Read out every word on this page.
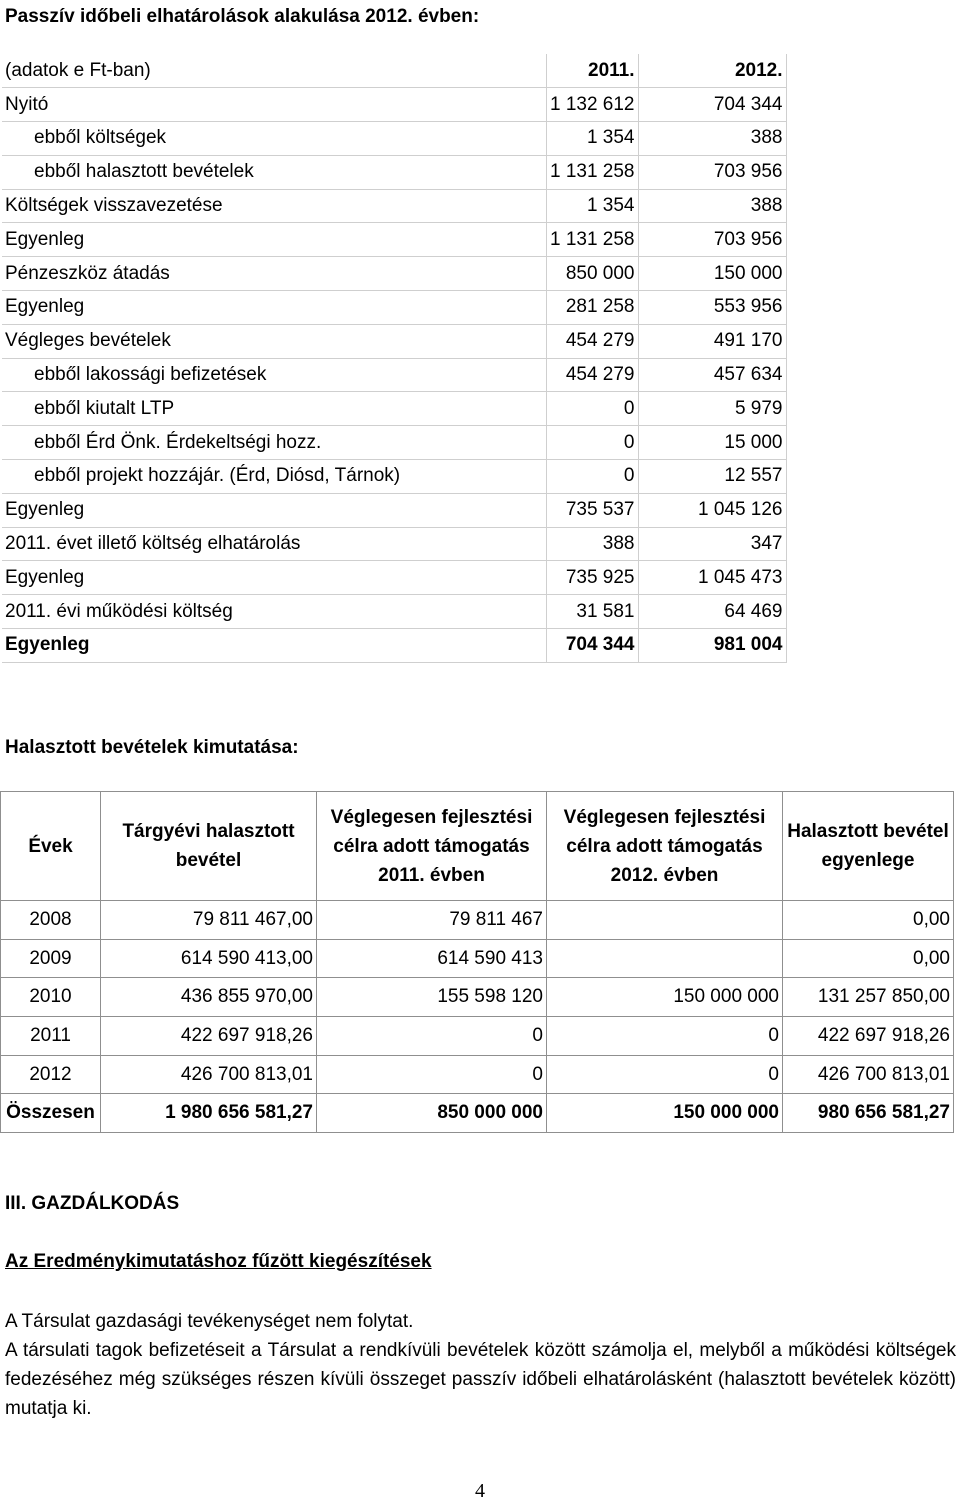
Passzív időbeli elhatárolások alakulása 2012. évben:
(adatok e Ft-ban)	2011.	2012.
Nyitó	1 132 612	704 344
ebből költségek	1 354	388
ebből halasztott bevételek	1 131 258	703 956
Költségek visszavezetése	1 354	388
Egyenleg	1 131 258	703 956
Pénzeszköz átadás	850 000	150 000
Egyenleg	281 258	553 956
Végleges bevételek	454 279	491 170
ebből lakossági befizetések	454 279	457 634
ebből kiutalt LTP	0	5 979
ebből Érd Önk. Érdekeltségi hozz.	0	15 000
ebből projekt hozzájár. (Érd, Diósd, Tárnok)	0	12 557
Egyenleg	735 537	1 045 126
2011. évet illető költség elhatárolás	388	347
Egyenleg	735 925	1 045 473
2011. évi működési költség	31 581	64 469
Egyenleg	704 344	981 004
Halasztott bevételek kimutatása:
Évek	Tárgyévi halasztott bevétel	Véglegesen fejlesztési célra adott támogatás 2011. évben	Véglegesen fejlesztési célra adott támogatás 2012. évben	Halasztott bevétel egyenlege
2008	79 811 467,00	79 811 467		0,00
2009	614 590 413,00	614 590 413		0,00
2010	436 855 970,00	155 598 120	150 000 000	131 257 850,00
2011	422 697 918,26	0	0	422 697 918,26
2012	426 700 813,01	0	0	426 700 813,01
Összesen	1 980 656 581,27	850 000 000	150 000 000	980 656 581,27
III. GAZDÁLKODÁS
Az Eredménykimutatáshoz fűzött kiegészítések
A Társulat gazdasági tevékenységet nem folytat.
A társulati tagok befizetéseit a Társulat a rendkívüli bevételek között számolja el, melyből a működési költségek fedezéséhez még szükséges részen kívüli összeget passzív időbeli elhatárolásként (halasztott bevételek között) mutatja ki.
4
